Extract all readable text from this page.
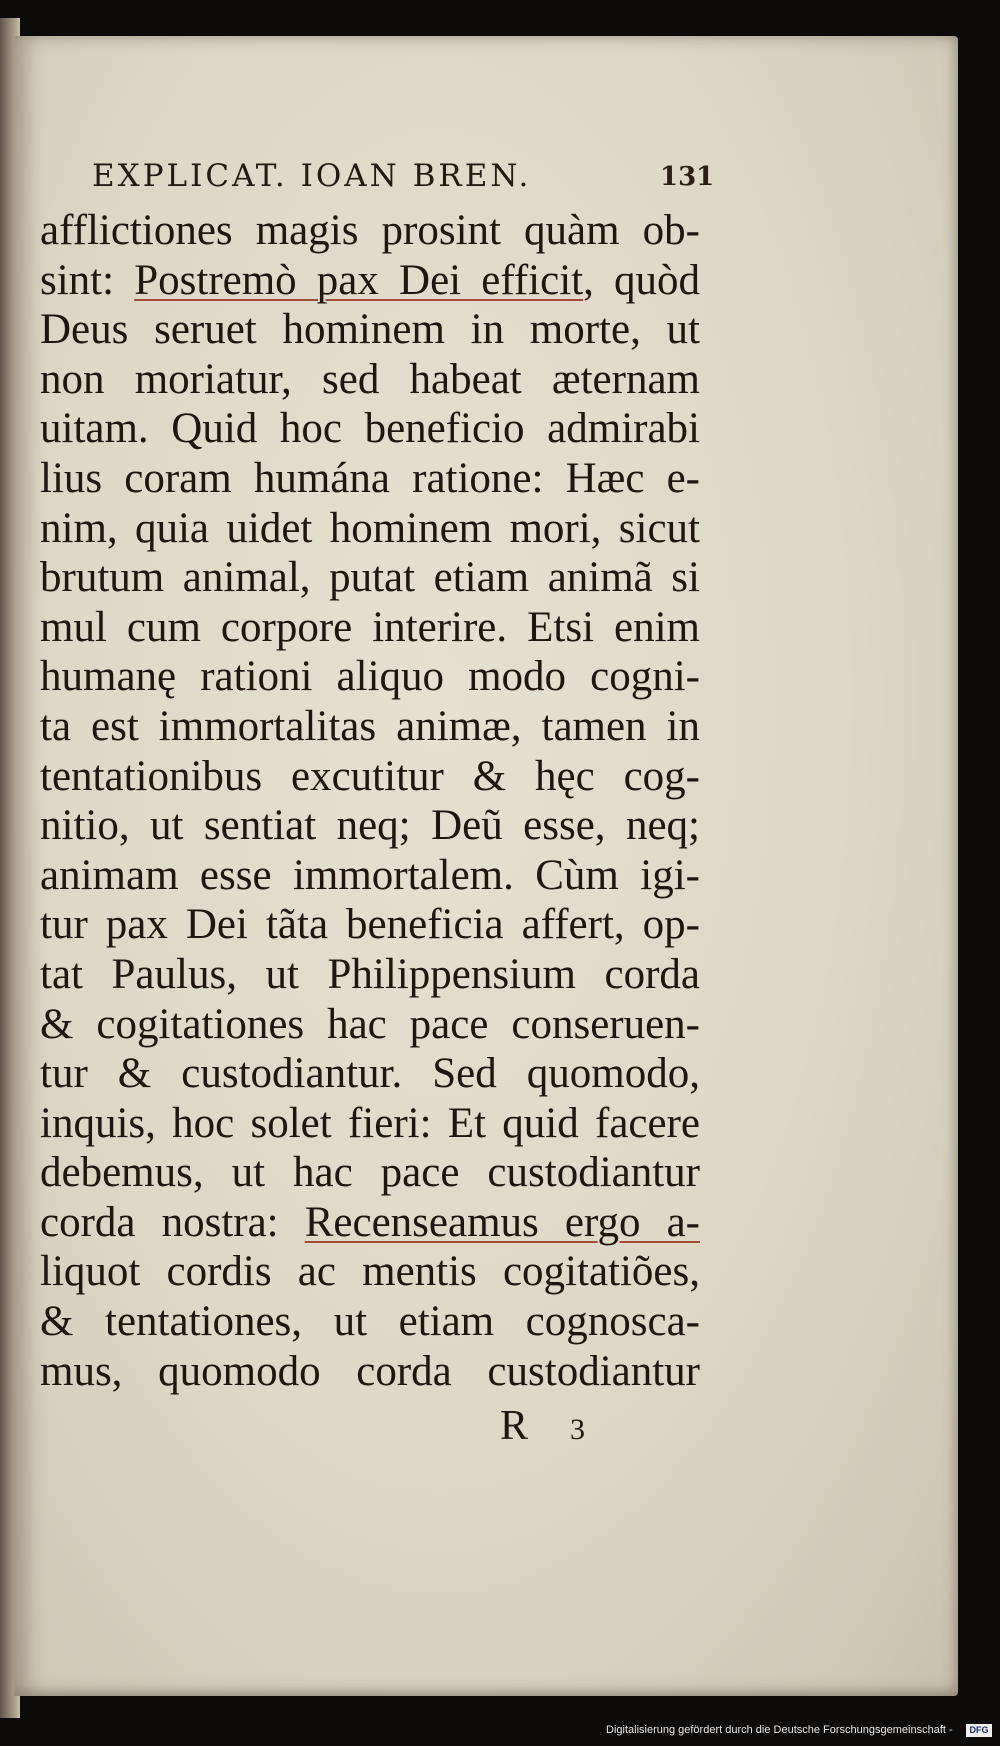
EXPLICAT. IOAN BREN.	131
afflictiones magis prosint quàm ob-
sint: Postremò pax Dei efficit, quòd
Deus seruet hominem in morte, ut
non moriatur, sed habeat æternam
uitam. Quid hoc beneficio admirabi
lius coram humána ratione: Hæc e-
nim, quia uidet hominem mori, sicut
brutum animal, putat etiam animã si
mul cum corpore interire. Etsi enim
humanę rationi aliquo modo cogni-
ta est immortalitas animæ, tamen in
tentationibus excutitur & hęc cog-
nitio, ut sentiat neq; Deũ esse, neq;
animam esse immortalem. Cùm igi-
tur pax Dei tãta beneficia affert, op-
tat Paulus, ut Philippensium corda
& cogitationes hac pace conseruen-
tur & custodiantur. Sed quomodo,
inquis, hoc solet fieri: Et quid facere
debemus, ut hac pace custodiantur
corda nostra: Recenseamus ergo a-
liquot cordis ac mentis cogitatiões,
& tentationes, ut etiam cognosca-
mus, quomodo corda custodiantur
R 3
Digitalisierung gefördert durch die Deutsche Forschungsgemeinschaft -	DFG
